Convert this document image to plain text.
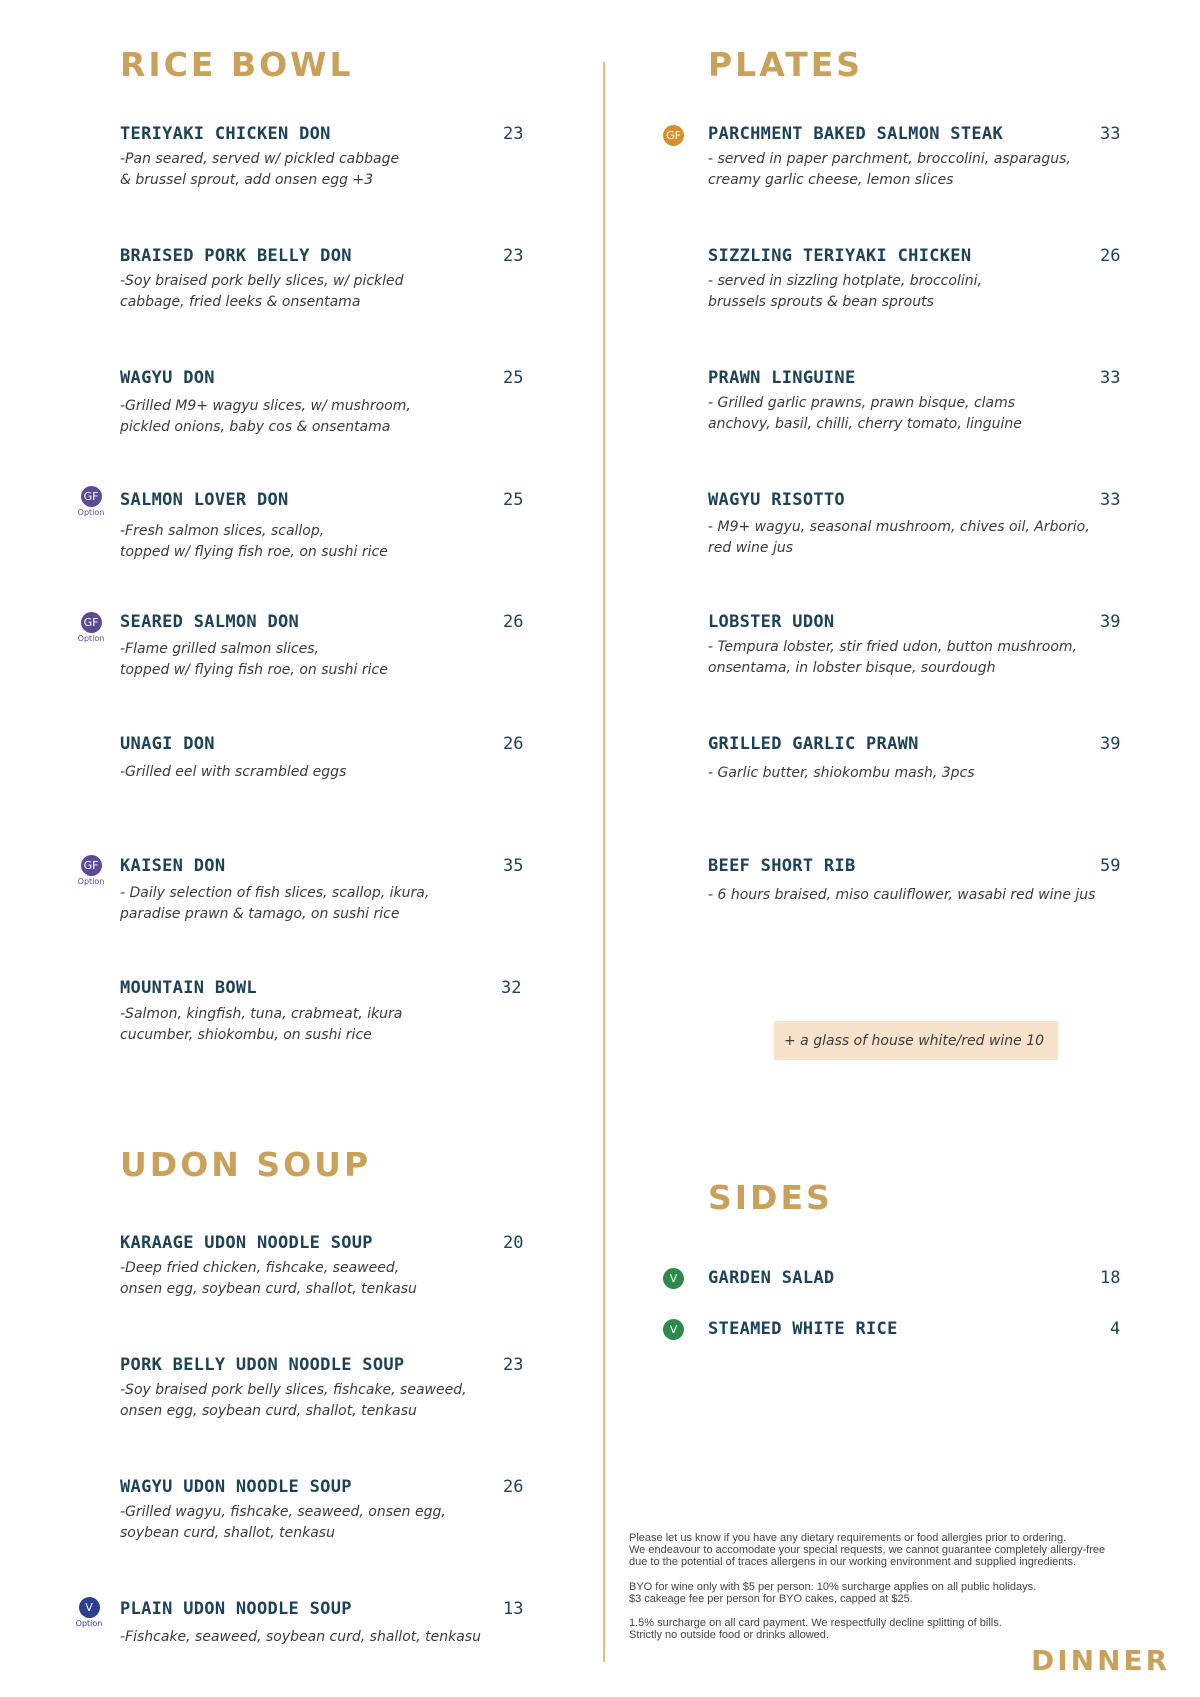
RICE BOWL
TERIYAKI CHICKEN DON	23
-Pan seared, served w/ pickled cabbage
& brussel sprout, add onsen egg +3
BRAISED PORK BELLY DON	23
-Soy braised pork belly slices, w/ pickled
cabbage, fried leeks & onsentama
WAGYU DON	25
-Grilled M9+ wagyu slices, w/ mushroom,
pickled onions, baby cos & onsentama
GF
Option
SALMON LOVER DON	25
-Fresh salmon slices, scallop,
topped w/ flying fish roe, on sushi rice
GF
Option
SEARED SALMON DON	26
-Flame grilled salmon slices,
topped w/ flying fish roe, on sushi rice
UNAGI DON	26
-Grilled eel with scrambled eggs
GF
Option
KAISEN DON	35
- Daily selection of fish slices, scallop, ikura,
paradise prawn & tamago, on sushi rice
MOUNTAIN BOWL	32
-Salmon, kingfish, tuna, crabmeat, ikura
cucumber, shiokombu, on sushi rice
UDON SOUP
KARAAGE UDON NOODLE SOUP	20
-Deep fried chicken, fishcake, seaweed,
onsen egg, soybean curd, shallot, tenkasu
PORK BELLY UDON NOODLE SOUP	23
-Soy braised pork belly slices, fishcake, seaweed,
onsen egg, soybean curd, shallot, tenkasu
WAGYU UDON NOODLE SOUP	26
-Grilled wagyu, fishcake, seaweed, onsen egg,
soybean curd, shallot, tenkasu
V
Option
PLAIN UDON NOODLE SOUP	13
-Fishcake, seaweed, soybean curd, shallot, tenkasu
PLATES
GF PARCHMENT BAKED SALMON STEAK	33
- served in paper parchment, broccolini, asparagus,
creamy garlic cheese, lemon slices
SIZZLING TERIYAKI CHICKEN	26
- served in sizzling hotplate, broccolini,
brussels sprouts & bean sprouts
PRAWN LINGUINE	33
- Grilled garlic prawns, prawn bisque, clams
anchovy, basil, chilli, cherry tomato, linguine
WAGYU RISOTTO	33
- M9+ wagyu, seasonal mushroom, chives oil, Arborio,
red wine jus
LOBSTER UDON	39
- Tempura lobster, stir fried udon, button mushroom,
onsentama, in lobster bisque, sourdough
GRILLED GARLIC PRAWN	39
- Garlic butter, shiokombu mash, 3pcs
BEEF SHORT RIB	59
- 6 hours braised, miso cauliflower, wasabi red wine jus
+ a glass of house white/red wine 10
SIDES
V	GARDEN SALAD	18
V	STEAMED WHITE RICE	4
Please let us know if you have any dietary requirements or food allergies prior to ordering.
We endeavour to accomodate your special requests, we cannot guarantee completely allergy-free
due to the potential of traces allergens in our working environment and supplied ingredients.
BYO for wine only with $5 per person. 10% surcharge applies on all public holidays.
$3 cakeage fee per person for BYO cakes, capped at $25.
1.5% surcharge on all card payment. We respectfully decline splitting of bills.
Strictly no outside food or drinks allowed.
DINNER
